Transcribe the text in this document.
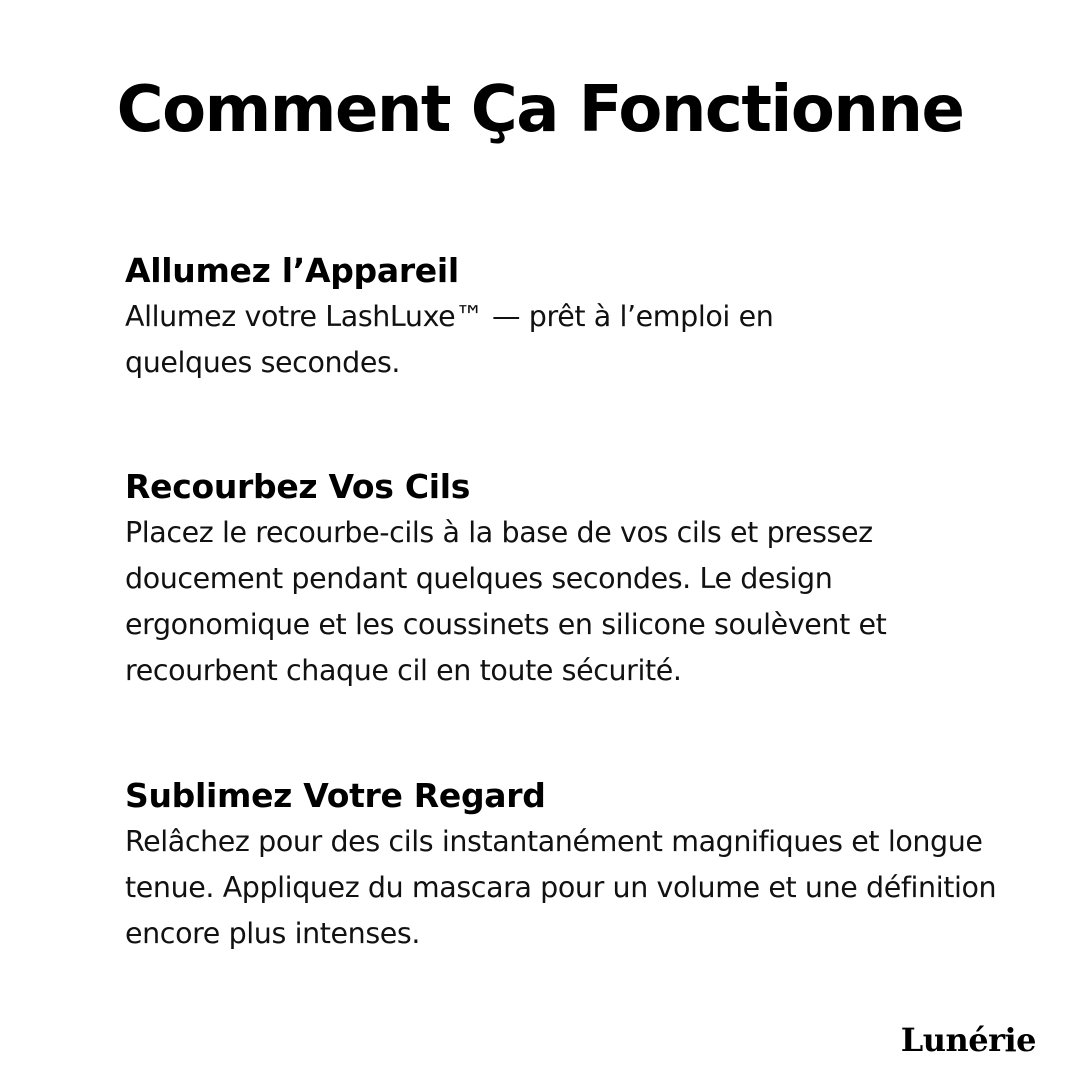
Comment Ça Fonctionne
Allumez l’Appareil

Allumez votre LashLuxe™ — prêt à l’emploi en quelques secondes.

Recourbez Vos Cils

Placez le recourbe-cils à la base de vos cils et pressez doucement pendant quelques secondes. Le design ergonomique et les coussinets en silicone soulèvent et recourbent chaque cil en toute sécurité.

Sublimez Votre Regard

Relâchez pour des cils instantanément magnifiques et longue tenue. Appliquez du mascara pour un volume et une définition encore plus intenses.

Lunérie
